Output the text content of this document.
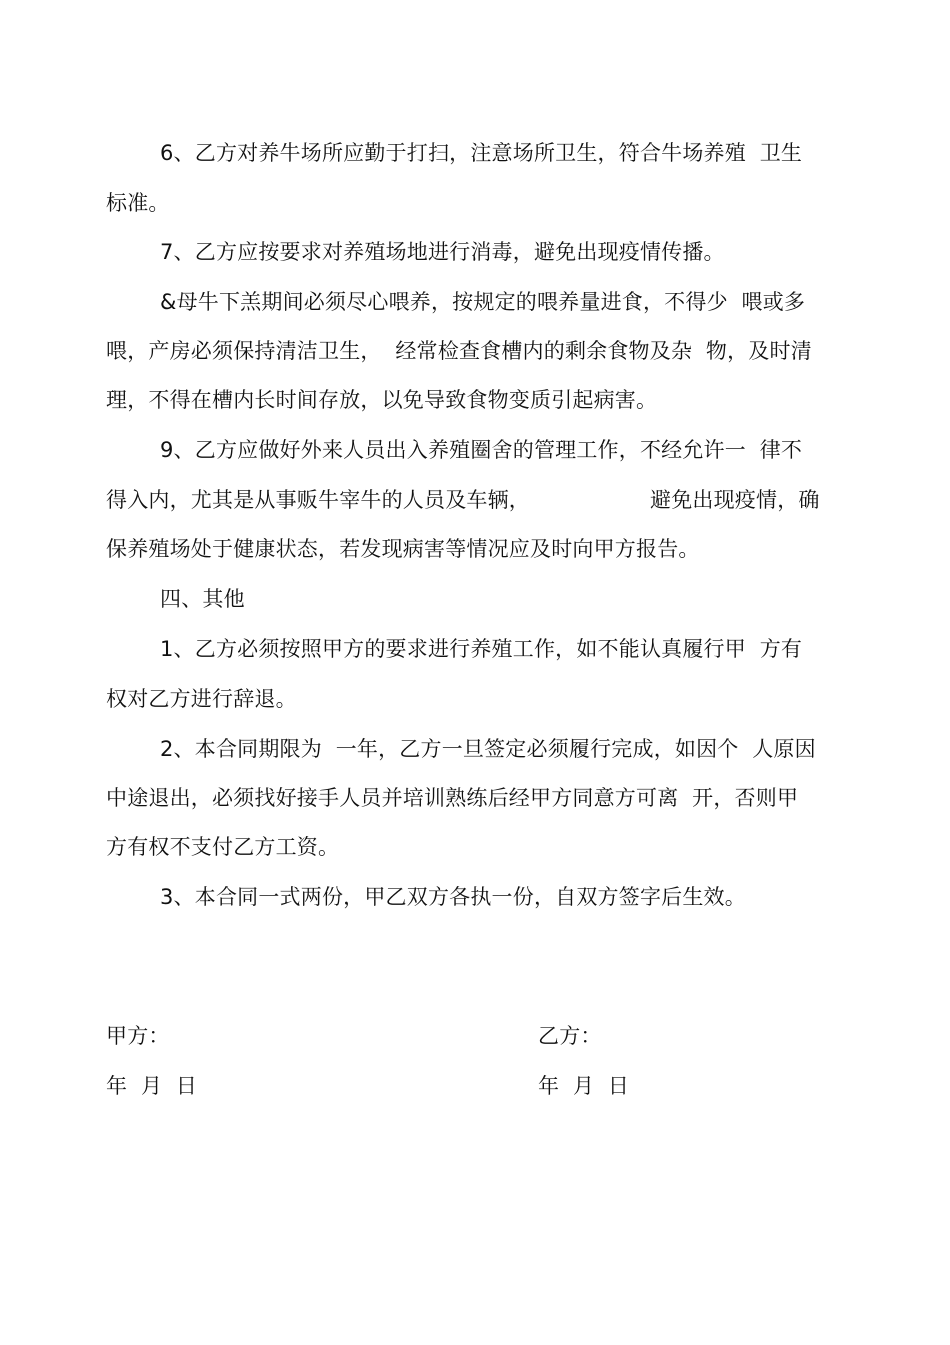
6、乙方对养牛场所应勤于打扫，注意场所卫生，符合牛场养殖  卫生
标准。
7、乙方应按要求对养殖场地进行消毒，避免出现疫情传播。
&母牛下羔期间必须尽心喂养，按规定的喂养量进食，不得少  喂或多
喂，产房必须保持清洁卫生，  经常检查食槽内的剩余食物及杂  物，及时清
理，不得在槽内长时间存放，以免导致食物变质引起病害。
9、乙方应做好外来人员出入养殖圈舍的管理工作，不经允许一  律不
得入内，尤其是从事贩牛宰牛的人员及车辆，	避免出现疫情，确
保养殖场处于健康状态，若发现病害等情况应及时向甲方报告。
四、其他
1、乙方必须按照甲方的要求进行养殖工作，如不能认真履行甲  方有
权对乙方进行辞退。
2、本合同期限为  一年，乙方一旦签定必须履行完成，如因个  人原因
中途退出，必须找好接手人员并培训熟练后经甲方同意方可离  开，否则甲
方有权不支付乙方工资。
3、本合同一式两份，甲乙双方各执一份，自双方签字后生效。
甲方：	乙方：
年  月  日	年  月  日
